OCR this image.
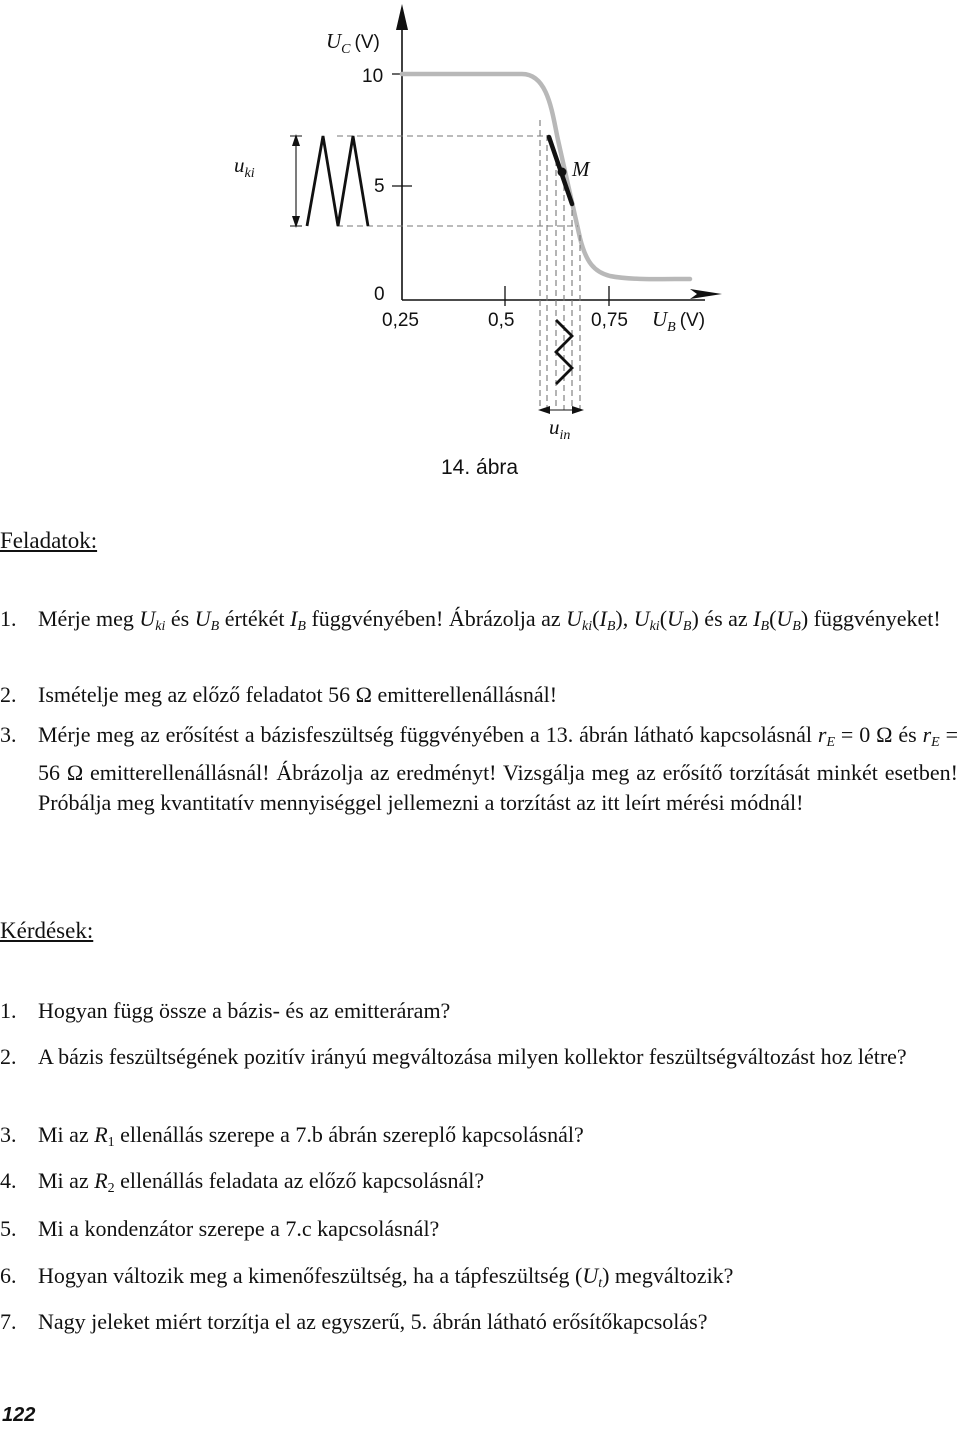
UC (V)
10
5
0
0,25	0,5	0,75 UB (V)
uki
uin
M
14. ábra
Feladatok:
1. Mérje meg $U_{ki}$ és $U_B$ értékét $I_B$ függvényében! Ábrázolja az $U_{ki}(I_B)$, $U_{ki}(U_B)$ és az $I_B(U_B)$ függvényeket!
2. Ismételje meg az előző feladatot 56 Ω emitterellenállásnál!
3. Mérje meg az erősítést a bázisfeszültség függvényében a 13. ábrán látható kapcsolásnál $r_E = 0$ Ω és $r_E = 56$ Ω emitterellenállásnál! Ábrázolja az eredményt! Vizsgálja meg az erősítő torzítását minkét esetben! Próbálja meg kvantitatív mennyiséggel jellemezni a torzítást az itt leírt mérési módnál!
Kérdések:
1. Hogyan függ össze a bázis- és az emitteráram?
2. A bázis feszültségének pozitív irányú megváltozása milyen kollektor feszültségváltozást hoz létre?
3. Mi az $R_1$ ellenállás szerepe a 7.b ábrán szereplő kapcsolásnál?
4. Mi az $R_2$ ellenállás feladata az előző kapcsolásnál?
5. Mi a kondenzátor szerepe a 7.c kapcsolásnál?
6. Hogyan változik meg a kimenőfeszültség, ha a tápfeszültség $(U_t)$ megváltozik?
7. Nagy jeleket miért torzítja el az egyszerű, 5. ábrán látható erősítőkapcsolás?
122
